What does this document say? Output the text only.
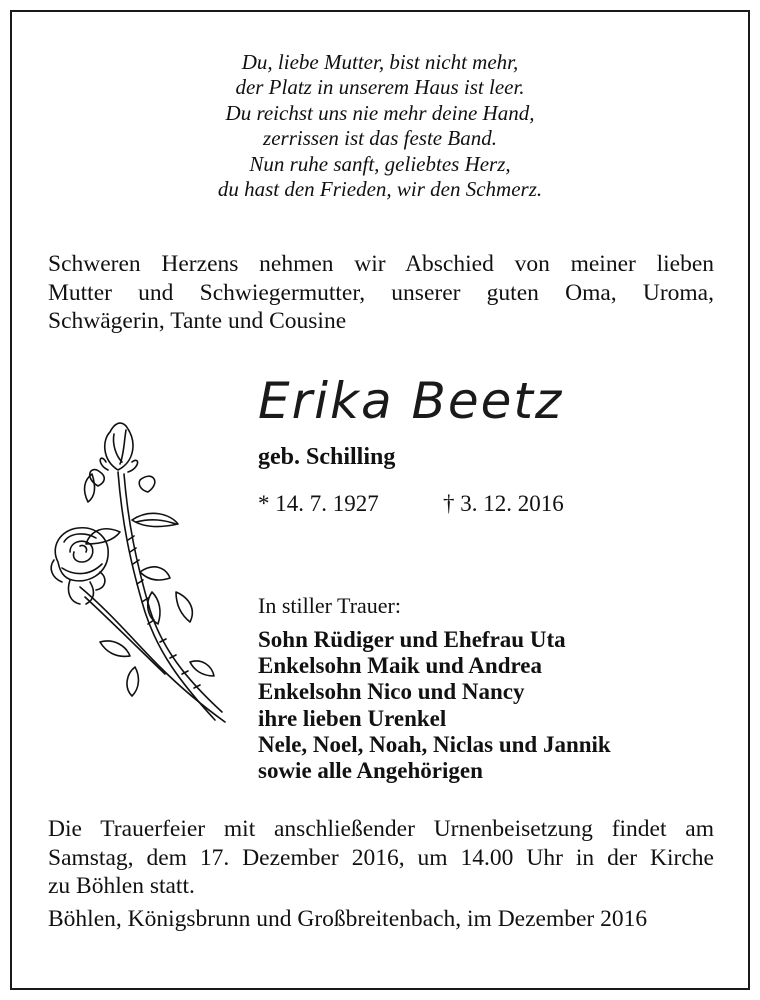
Du, liebe Mutter, bist nicht mehr,
der Platz in unserem Haus ist leer.
Du reichst uns nie mehr deine Hand,
zerrissen ist das feste Band.
Nun ruhe sanft, geliebtes Herz,
du hast den Frieden, wir den Schmerz.
Schweren Herzens nehmen wir Abschied von meiner lieben
Mutter und Schwiegermutter, unserer guten Oma, Uroma,
Schwägerin, Tante und Cousine
Erika Beetz
geb. Schilling
* 14. 7. 1927	† 3. 12. 2016
In stiller Trauer:
Sohn Rüdiger und Ehefrau Uta
Enkelsohn Maik und Andrea
Enkelsohn Nico und Nancy
ihre lieben Urenkel
Nele, Noel, Noah, Niclas und Jannik
sowie alle Angehörigen
Die Trauerfeier mit anschließender Urnenbeisetzung findet am
Samstag, dem 17. Dezember 2016, um 14.00 Uhr in der Kirche
zu Böhlen statt.
Böhlen, Königsbrunn und Großbreitenbach, im Dezember 2016
